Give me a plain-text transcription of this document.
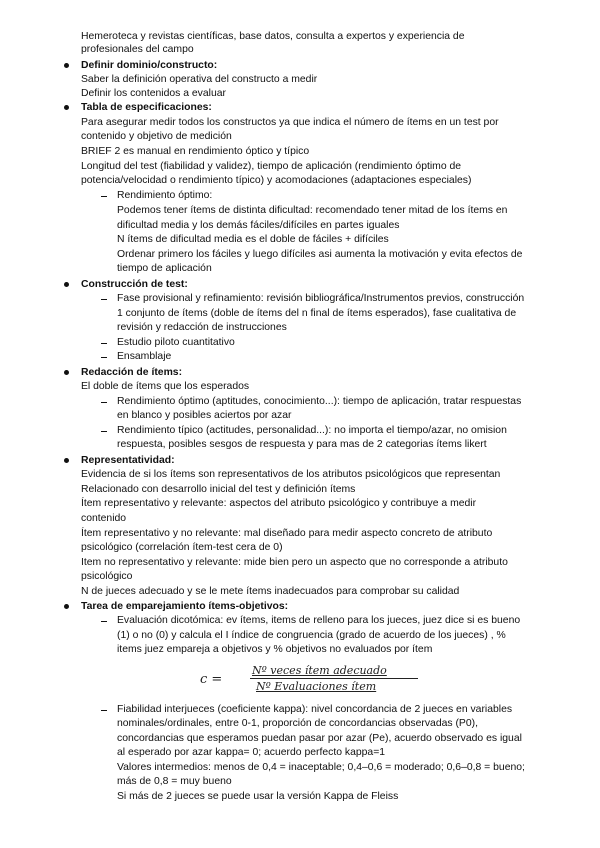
Hemeroteca y revistas científicas, base datos, consulta a expertos y experiencia de
profesionales del campo
Definir dominio/constructo:
Saber la definición operativa del constructo a medir
Definir los contenidos a evaluar
Tabla de especificaciones:
Para asegurar medir todos los constructos ya que indica el número de ítems en un test por
contenido y objetivo de medición
BRIEF 2 es manual en rendimiento óptico y típico
Longitud del test (fiabilidad y validez), tiempo de aplicación (rendimiento óptimo de
potencia/velocidad o rendimiento típico) y acomodaciones (adaptaciones especiales)
Rendimiento óptimo:
Podemos tener ítems de distinta dificultad: recomendado tener mitad de los ítems en
dificultad media y los demás fáciles/difíciles en partes iguales
N ítems de dificultad media es el doble de fáciles + difíciles
Ordenar primero los fáciles y luego difíciles asi aumenta la motivación y evita efectos de
tiempo de aplicación
Construcción de test:
Fase provisional y refinamiento: revisión bibliográfica/Instrumentos previos, construcción
1 conjunto de ítems (doble de ítems del n final de ítems esperados), fase cualitativa de
revisión y redacción de instrucciones
Estudio piloto cuantitativo
Ensamblaje
Redacción de ítems:
El doble de ítems que los esperados
Rendimiento óptimo (aptitudes, conocimiento...): tiempo de aplicación, tratar respuestas
en blanco y posibles aciertos por azar
Rendimiento típico (actitudes, personalidad...): no importa el tiempo/azar, no omision
respuesta, posibles sesgos de respuesta y para mas de 2 categorias ítems likert
Representatividad:
Evidencia de si los ítems son representativos de los atributos psicológicos que representan
Relacionado con desarrollo inicial del test y definición ítems
Ítem representativo y relevante: aspectos del atributo psicológico y contribuye a medir
contenido
Ítem representativo y no relevante: mal diseñado para medir aspecto concreto de atributo
psicológico (correlación ítem-test cera de 0)
Item no representativo y relevante: mide bien pero un aspecto que no corresponde a atributo
psicológico
N de jueces adecuado y se le mete ítems inadecuados para comprobar su calidad
Tarea de emparejamiento ítems-objetivos:
Evaluación dicotómica: ev ítems, items de relleno para los jueces, juez dice si es bueno
(1) o no (0) y calcula el I índice de congruencia (grado de acuerdo de los jueces) , %
items juez empareja a objetivos y % objetivos no evaluados por ítem
c =
Nº veces ítem adecuado
Nº Evaluaciones ítem
Fiabilidad interjueces (coeficiente kappa): nivel concordancia de 2 jueces en variables
nominales/ordinales, entre 0-1, proporción de concordancias observadas (P0),
concordancias que esperamos puedan pasar por azar (Pe), acuerdo observado es igual
al esperado por azar kappa= 0; acuerdo perfecto kappa=1
Valores intermedios: menos de 0,4 = inaceptable; 0,4–0,6 = moderado; 0,6–0,8 = bueno;
más de 0,8 = muy bueno
Si más de 2 jueces se puede usar la versión Kappa de Fleiss
